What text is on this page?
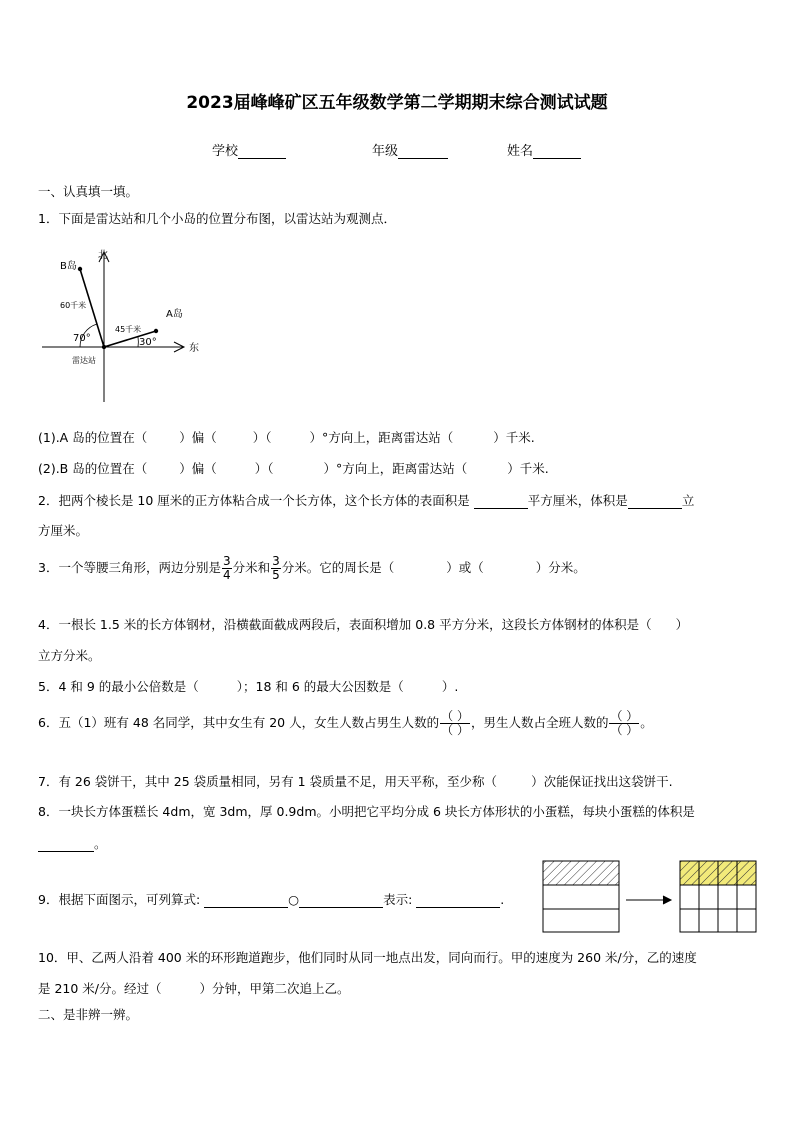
2023届峰峰矿区五年级数学第二学期期末综合测试试题
学校	年级	姓名
一、认真填一填。
1．下面是雷达站和几个小岛的位置分布图，以雷达站为观测点．
B岛
A岛
北
东
60千米
45千米
70°	30°
雷达站
(1).A 岛的位置在（	）偏（	）（	）°方向上，距离雷达站（	）千米.
(2).B 岛的位置在（	）偏（	）（	）°方向上，距离雷达站（	）千米.
2．把两个棱长是 10 厘米的正方体粘合成一个长方体，这个长方体的表面积是	平方厘米，体积是	立
方厘米。
3．一个等腰三角形，两边分别是 $\frac{3}{4}$ 分米和 $\frac{3}{5}$ 分米。它的周长是（	）或（	）分米。
4．一根长 1.5 米的长方体钢材，沿横截面截成两段后，表面积增加 0.8 平方分米，这段长方体钢材的体积是（ ）
立方分米。
5．4 和 9 的最小公倍数是（	）；18 和 6 的最大公因数是（	）.
6．五（1）班有 48 名同学，其中女生有 20 人，女生人数占男生人数的 $\frac{( )}{( )}$ ，男生人数占全班人数的 $\frac{( )}{( )}$ 。
7．有 26 袋饼干，其中 25 袋质量相同，另有 1 袋质量不足，用天平称，至少称（	）次能保证找出这袋饼干.
8．一块长方体蛋糕长 4dm，宽 3dm，厚 0.9dm。小明把它平均分成 6 块长方体形状的小蛋糕，每块小蛋糕的体积是
。
9．根据下面图示，可列算式:	○	表示:	.
10．甲、乙两人沿着 400 米的环形跑道跑步，他们同时从同一地点出发，同向而行。甲的速度为 260 米/分，乙的速度
是 210 米/分。经过（	）分钟，甲第二次追上乙。
二、是非辨一辨。
